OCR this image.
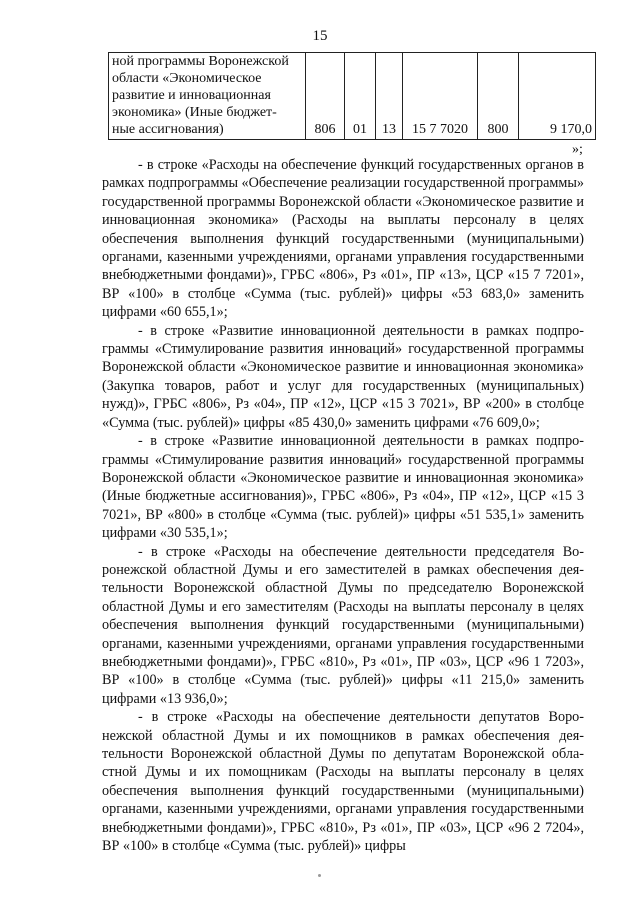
15
ной программы Воронежской
области «Экономическое
развитие и инновационная
экономика» (Иные бюджет-
ные ассигнования)	806	01	13	15 7 7020	800	9 170,0
»;

- в строке «Расходы на обеспечение функций государственных органов в рамках подпрограммы «Обеспечение реализации государственной программы» государственной программы Воронежской области «Экономическое развитие и инновационная экономика» (Расходы на выплаты персоналу в целях обеспечения выполнения функций государственными (муниципальными) органами, казенными учреждениями, органами управления государственными внебюджетными фондами)», ГРБС «806», Рз «01», ПР «13», ЦСР «15 7 7201», ВР «100» в столбце «Сумма (тыс. рублей)» цифры «53 683,0» заменить цифрами «60 655,1»;

- в строке «Развитие инновационной деятельности в рамках подпрограммы «Стимулирование развития инноваций» государственной программы Воронежской области «Экономическое развитие и инновационная экономика» (Закупка товаров, работ и услуг для государственных (муниципальных) нужд)», ГРБС «806», Рз «04», ПР «12», ЦСР «15 3 7021», ВР «200» в столбце «Сумма (тыс. рублей)» цифры «85 430,0» заменить цифрами «76 609,0»;

- в строке «Развитие инновационной деятельности в рамках подпрограммы «Стимулирование развития инноваций» государственной программы Воронежской области «Экономическое развитие и инновационная экономика» (Иные бюджетные ассигнования)», ГРБС «806», Рз «04», ПР «12», ЦСР «15 3 7021», ВР «800» в столбце «Сумма (тыс. рублей)» цифры «51 535,1» заменить цифрами «30 535,1»;

- в строке «Расходы на обеспечение деятельности председателя Воронежской областной Думы и его заместителей в рамках обеспечения деятельности Воронежской областной Думы по председателю Воронежской областной Думы и его заместителям (Расходы на выплаты персоналу в целях обеспечения выполнения функций государственными (муниципальными) органами, казенными учреждениями, органами управления государственными внебюджетными фондами)», ГРБС «810», Рз «01», ПР «03», ЦСР «96 1 7203», ВР «100» в столбце «Сумма (тыс. рублей)» цифры «11 215,0» заменить цифрами «13 936,0»;

- в строке «Расходы на обеспечение деятельности депутатов Воронежской областной Думы и их помощников в рамках обеспечения деятельности Воронежской областной Думы по депутатам Воронежской областной Думы и их помощникам (Расходы на выплаты персоналу в целях обеспечения выполнения функций государственными (муниципальными) органами, казенными учреждениями, органами управления государственными внебюджетными фондами)», ГРБС «810», Рз «01», ПР «03», ЦСР «96 2 7204», ВР «100» в столбце «Сумма (тыс. рублей)» цифры
